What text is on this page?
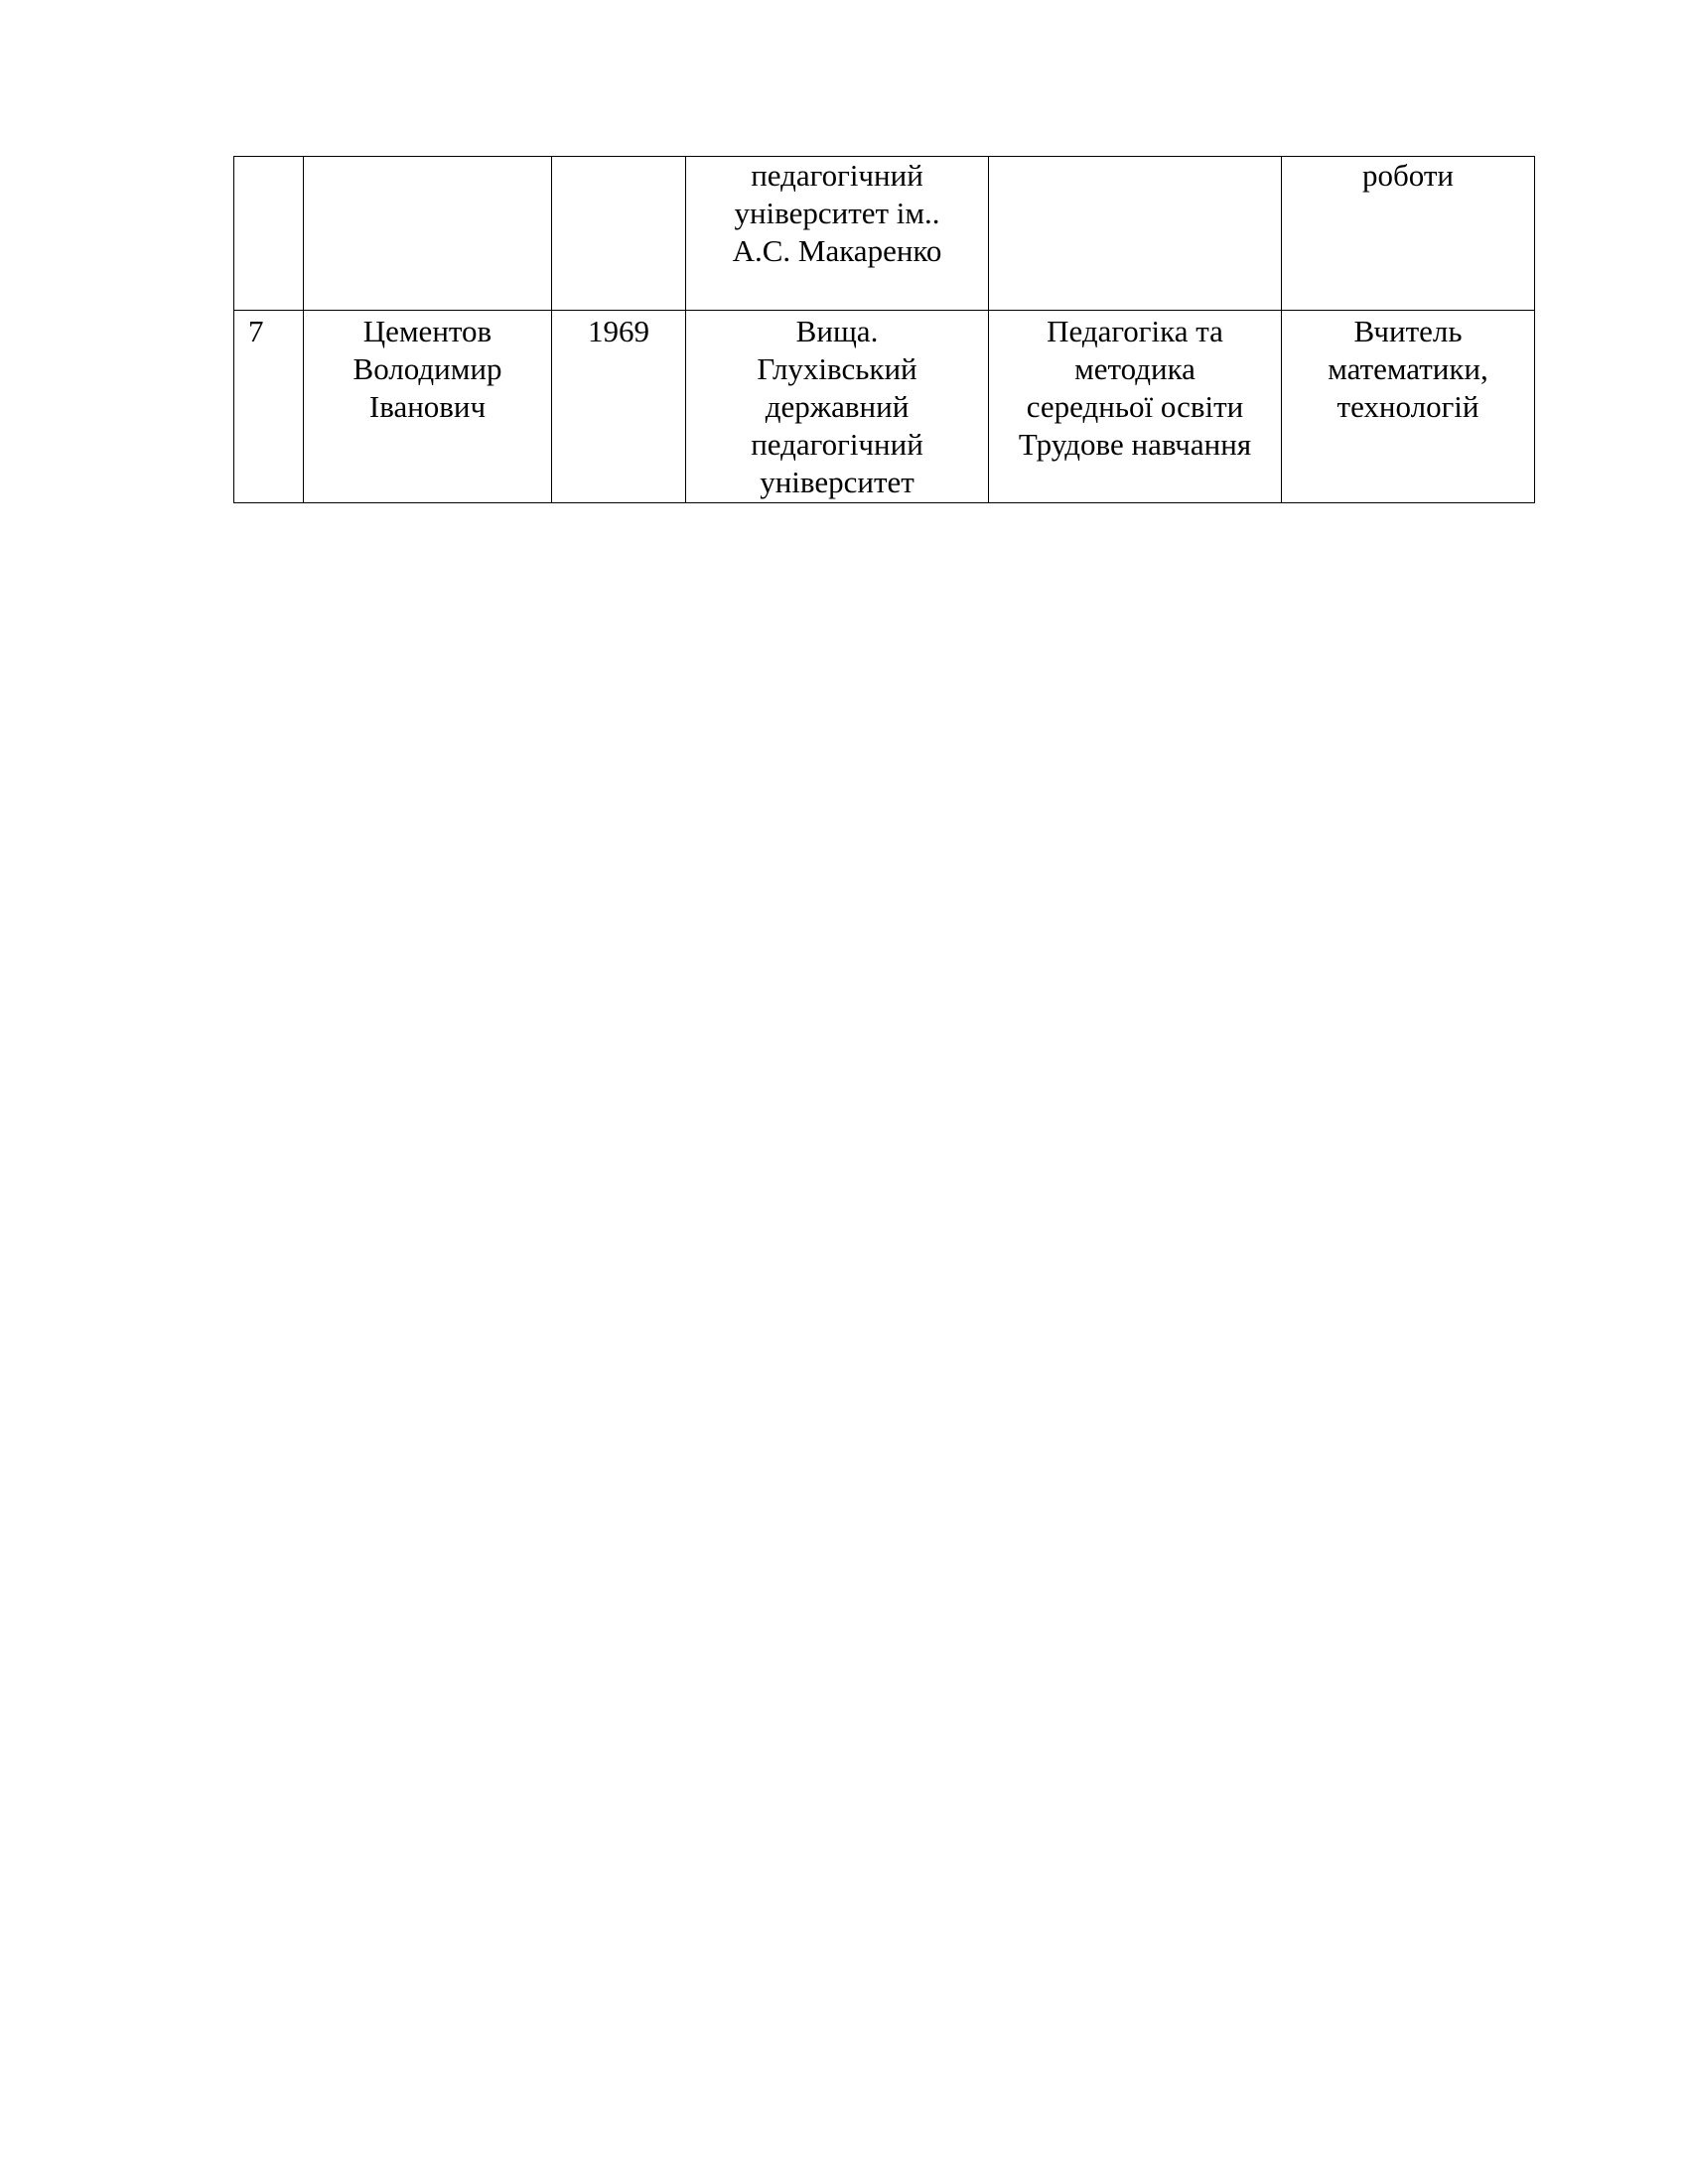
			педагогічний
університет ім..
А.С. Макаренко		роботи
7	Цементов
Володимир
Іванович	1969	Вища.
Глухівський
державний
педагогічний
університет	Педагогіка та
методика
середньої освіти
Трудове навчання	Вчитель
математики,
технологій
